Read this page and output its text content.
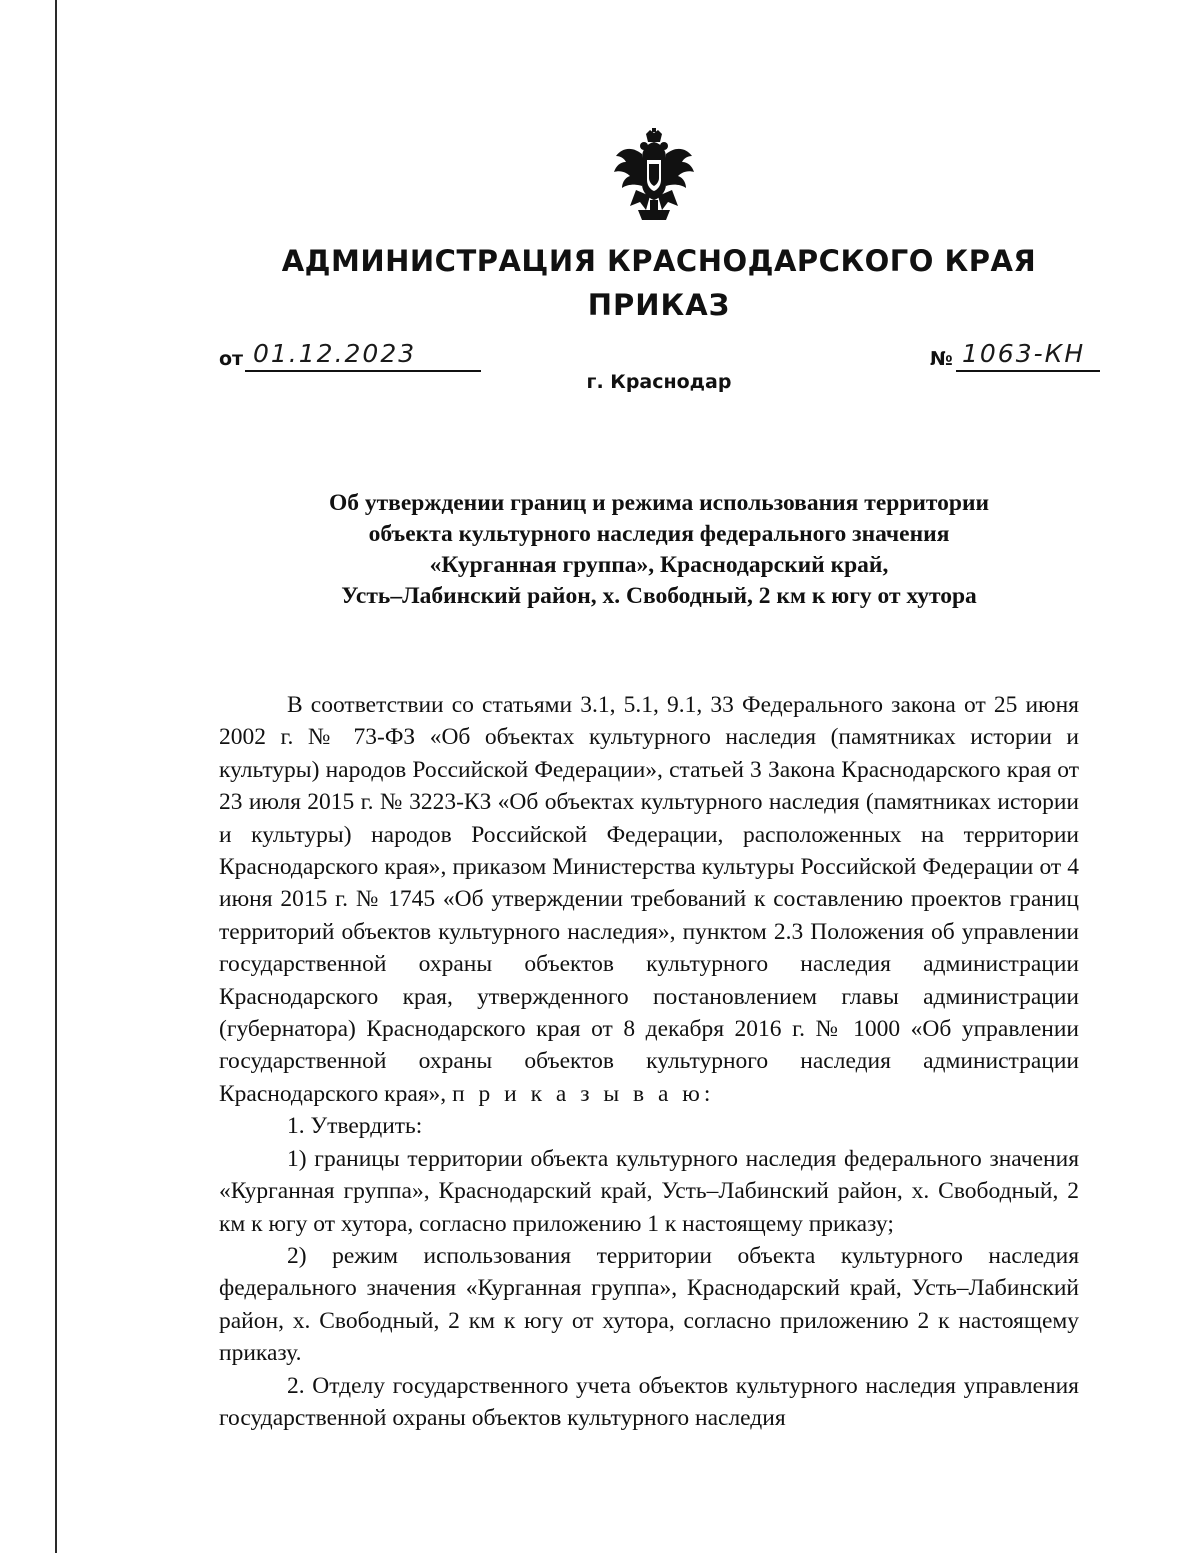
АДМИНИСТРАЦИЯ КРАСНОДАРСКОГО КРАЯ
ПРИКАЗ
от 01.12.2023	№ 1063-КН
г. Краснодар
Об утверждении границ и режима использования территории
объекта культурного наследия федерального значения
«Курганная группа», Краснодарский край,
Усть–Лабинский район, х. Свободный, 2 км к югу от хутора

В соответствии со статьями 3.1, 5.1, 9.1, 33 Федерального закона от 25 июня 2002 г. № 73-ФЗ «Об объектах культурного наследия (памятниках истории и культуры) народов Российской Федерации», статьей 3 Закона Краснодарского края от 23 июля 2015 г. № 3223-КЗ «Об объектах культурного наследия (памятниках истории и культуры) народов Российской Федерации, расположенных на территории Краснодарского края», приказом Министерства культуры Российской Федерации от 4 июня 2015 г. № 1745 «Об утверждении требований к составлению проектов границ территорий объектов культурного наследия», пунктом 2.3 Положения об управлении государственной охраны объектов культурного наследия администрации Краснодарского края, утвержденного постановлением главы администрации (губернатора) Краснодарского края от 8 декабря 2016 г. № 1000 «Об управлении государственной охраны объектов культурного наследия администрации Краснодарского края», п р и к а з ы в а ю:

1. Утвердить:

1) границы территории объекта культурного наследия федерального значения «Курганная группа», Краснодарский край, Усть–Лабинский район, х. Свободный, 2 км к югу от хутора, согласно приложению 1 к настоящему приказу;

2) режим использования территории объекта культурного наследия федерального значения «Курганная группа», Краснодарский край, Усть–Лабинский район, х. Свободный, 2 км к югу от хутора, согласно приложению 2 к настоящему приказу.

2. Отделу государственного учета объектов культурного наследия управления государственной охраны объектов культурного наследия
